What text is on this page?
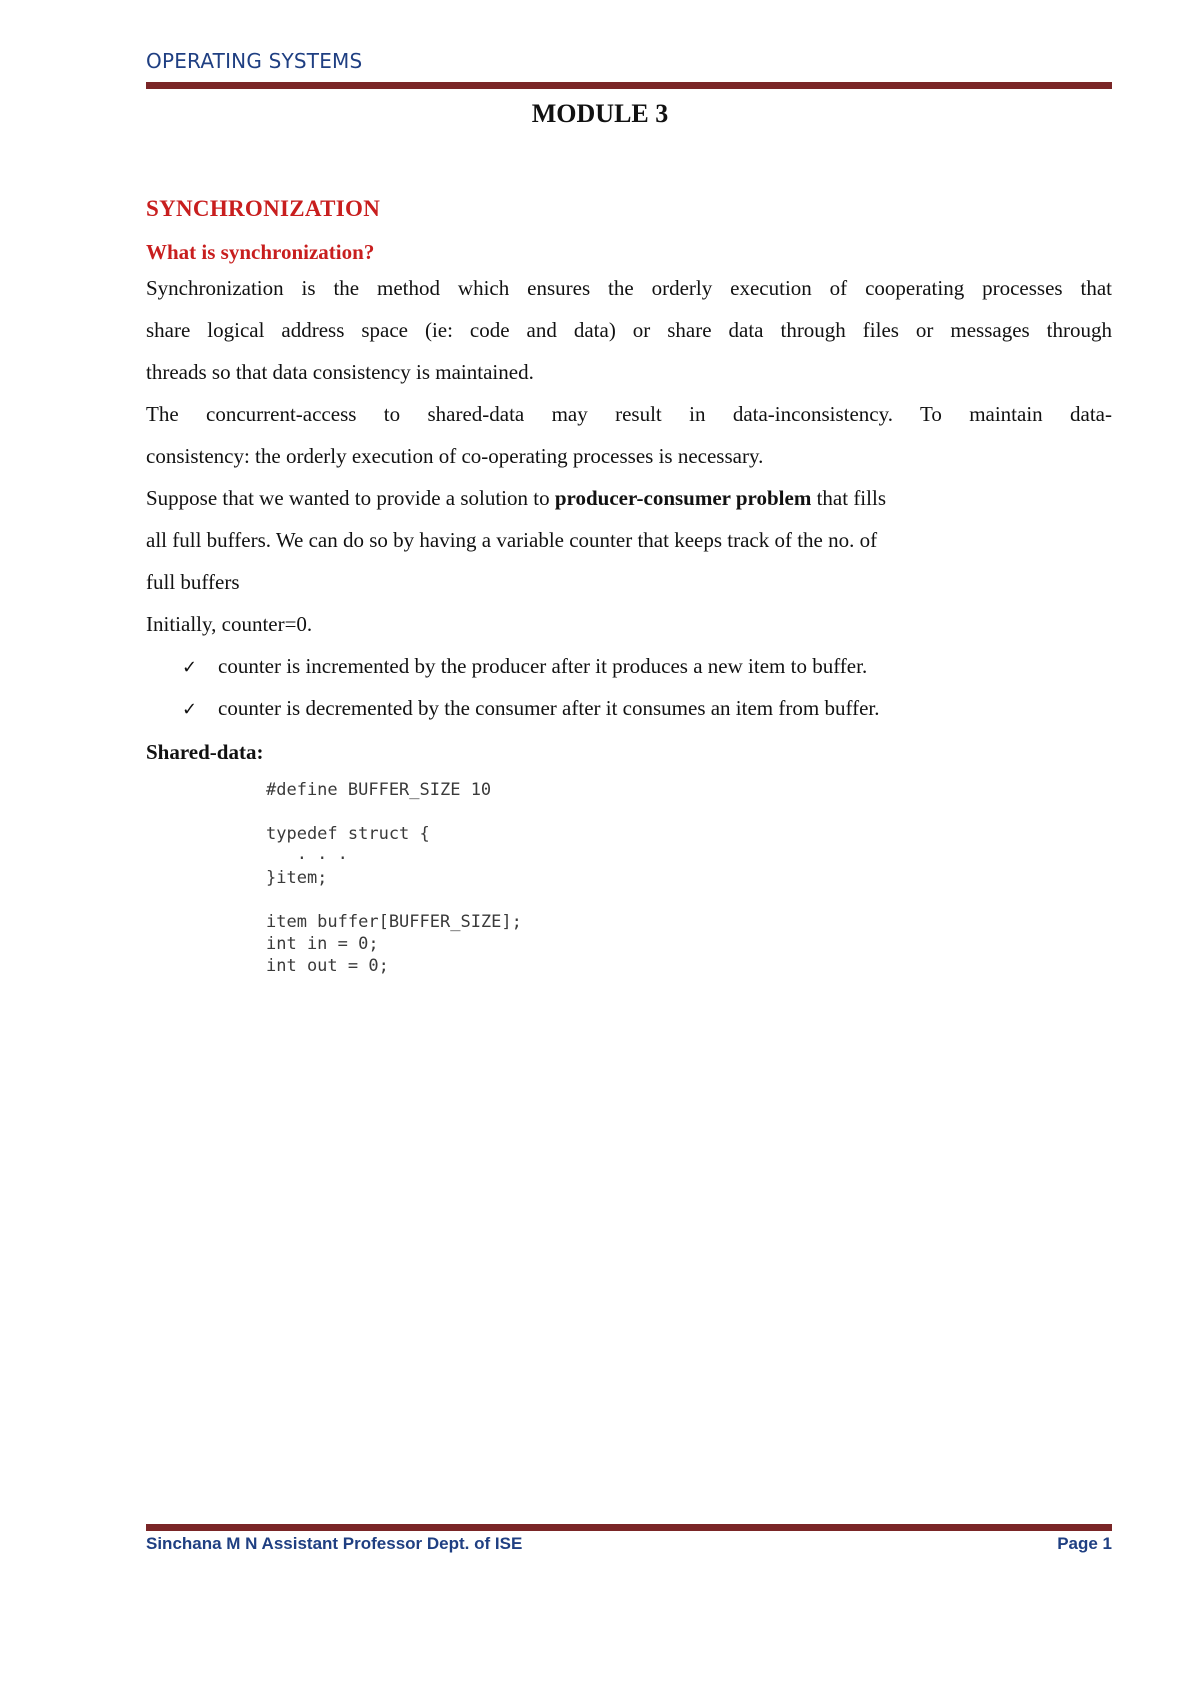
OPERATING SYSTEMS
MODULE 3
SYNCHRONIZATION
What is synchronization?
Synchronization is the method which ensures the orderly execution of cooperating processes that
share logical address space (ie: code and data) or share data through files or messages through
threads so that data consistency is maintained.
The concurrent-access to shared-data may result in data-inconsistency. To maintain data-
consistency: the orderly execution of co-operating processes is necessary.
Suppose that we wanted to provide a solution to producer-consumer problem that fills
all full buffers. We can do so by having a variable counter that keeps track of the no. of
full buffers
Initially, counter=0.
✓ counter is incremented by the producer after it produces a new item to buffer.
✓ counter is decremented by the consumer after it consumes an item from buffer.
Shared-data:
#define BUFFER_SIZE 10
typedef struct {
. . .
}item;
item buffer[BUFFER_SIZE];
int in = 0;
int out = 0;
Sinchana M N Assistant Professor Dept. of ISE	Page 1
